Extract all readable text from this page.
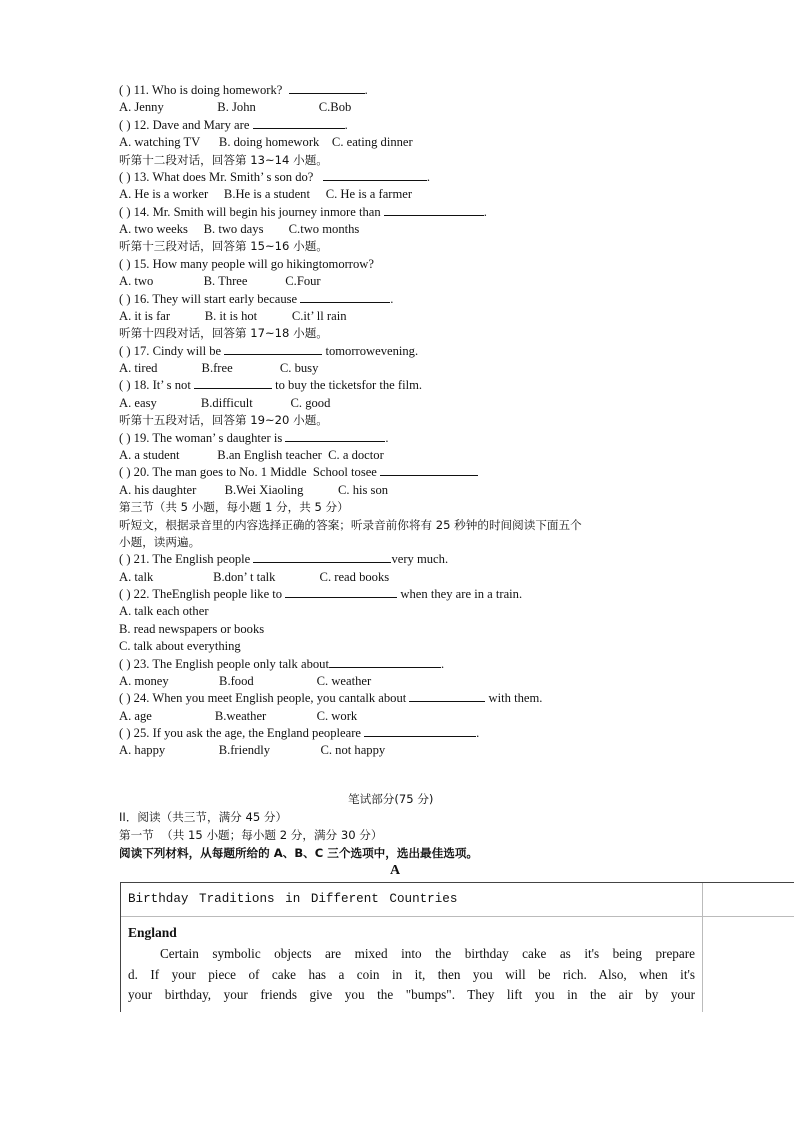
( ) 11. Who is doing homework?	.
A. Jenny                 B. John                    C.Bob
( ) 12. Dave and Mary are	.
A. watching TV      B. doing homework    C. eating dinner
听第十二段对话，回答第 13~14 小题。
( ) 13. What does Mr. Smith’ s son do?	.
A. He is a worker     B.He is a student     C. He is a farmer
( ) 14. Mr. Smith will begin his journey inmore than	.
A. two weeks     B. two days        C.two months
听第十三段对话，回答第 15~16 小题。
( ) 15. How many people will go hikingtomorrow?
A. two                B. Three            C.Four
( ) 16. They will start early because	.
A. it is far           B. it is hot           C.it’ ll rain
听第十四段对话，回答第 17~18 小题。
( ) 17. Cindy will be	tomorrowevening.
A. tired              B.free               C. busy
( ) 18. It’ s not	to buy the ticketsfor the film.
A. easy              B.difficult            C. good
听第十五段对话，回答第 19~20 小题。
( ) 19. The woman’ s daughter is	.
A. a student            B.an English teacher  C. a doctor
( ) 20. The man goes to No. 1 Middle  School tosee
A. his daughter         B.Wei Xiaoling           C. his son
第三节（共 5 小题，每小题 1 分，共 5 分）
听短文，根据录音里的内容选择正确的答案；听录音前你将有 25 秒钟的时间阅读下面五个
小题，读两遍。
( ) 21. The English people	very much.
A. talk                   B.don’ t talk              C. read books
( ) 22. TheEnglish people like to	when they are in a train.
A. talk each other
B. read newspapers or books
C. talk about everything
( ) 23. The English people only talk about	.
A. money                B.food                    C. weather
( ) 24. When you meet English people, you cantalk about	with them.
A. age                    B.weather                C. work
( ) 25. If you ask the age, the England peopleare	.
A. happy                 B.friendly                C. not happy
笔试部分(75 分)
II．阅读（共三节，满分 45 分）
第一节  （共 15 小题；每小题 2 分，满分 30 分）
阅读下列材料，从每题所给的 A、B、C 三个选项中，选出最佳选项。
A
Birthday Traditions in Different Countries
England
Certain symbolic objects are mixed into the birthday cake as it's being prepare
d. If your piece of cake has a coin in it, then you will be rich. Also, when it's
your birthday, your friends give you the "bumps". They lift you in the air by your
